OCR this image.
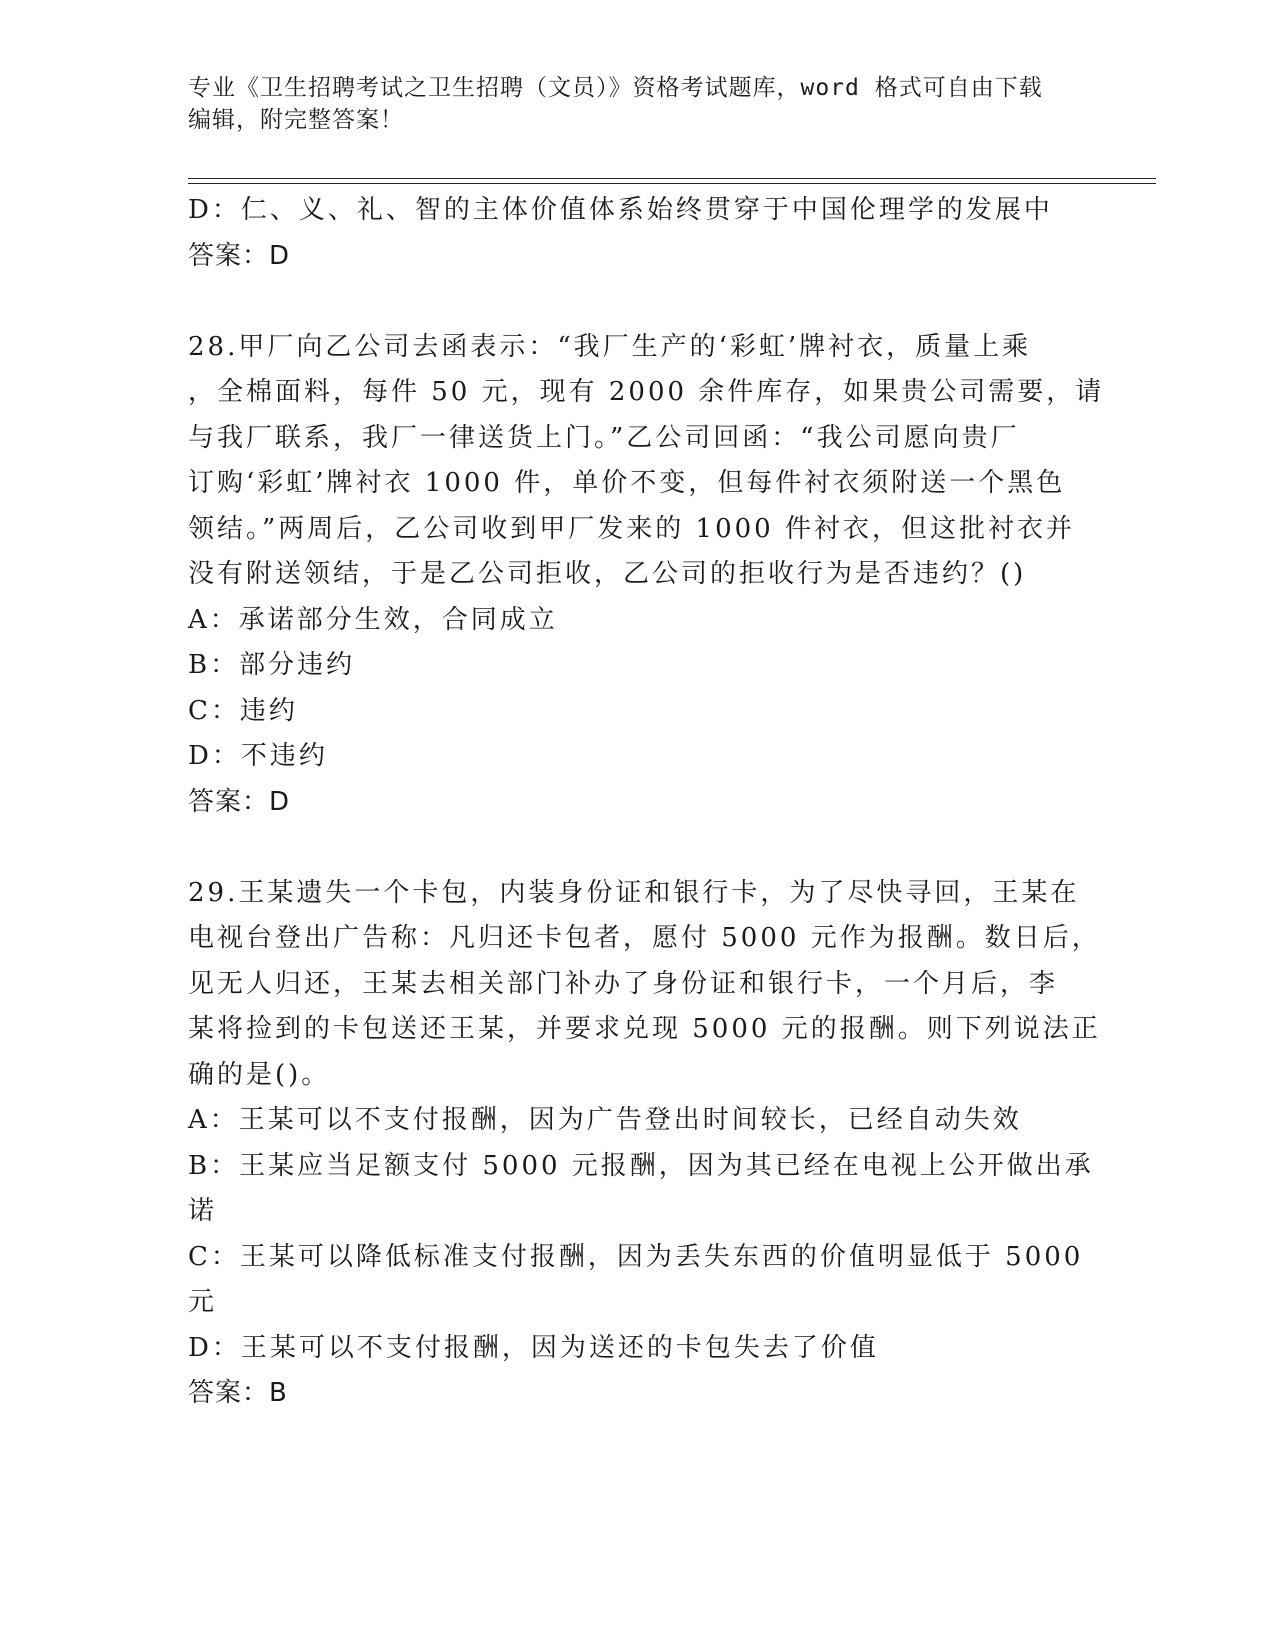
专业《卫生招聘考试之卫生招聘（文员）》资格考试题库，word 格式可自由下载
编辑，附完整答案！
D：仁、义、礼、智的主体价值体系始终贯穿于中国伦理学的发展中
答案：D
28.甲厂向乙公司去函表示：“我厂生产的‘彩虹’牌衬衣，质量上乘
，全棉面料，每件 50 元，现有 2000 余件库存，如果贵公司需要，请
与我厂联系，我厂一律送货上门。”乙公司回函：“我公司愿向贵厂
订购‘彩虹’牌衬衣 1000 件，单价不变，但每件衬衣须附送一个黑色
领结。”两周后，乙公司收到甲厂发来的 1000 件衬衣，但这批衬衣并
没有附送领结，于是乙公司拒收，乙公司的拒收行为是否违约？()
A：承诺部分生效，合同成立
B：部分违约
C：违约
D：不违约
答案：D
29.王某遗失一个卡包，内装身份证和银行卡，为了尽快寻回，王某在
电视台登出广告称：凡归还卡包者，愿付 5000 元作为报酬。数日后，
见无人归还，王某去相关部门补办了身份证和银行卡，一个月后，李
某将捡到的卡包送还王某，并要求兑现 5000 元的报酬。则下列说法正
确的是()。
A：王某可以不支付报酬，因为广告登出时间较长，已经自动失效
B：王某应当足额支付 5000 元报酬，因为其已经在电视上公开做出承
诺
C：王某可以降低标准支付报酬，因为丢失东西的价值明显低于 5000
元
D：王某可以不支付报酬，因为送还的卡包失去了价值
答案：B
